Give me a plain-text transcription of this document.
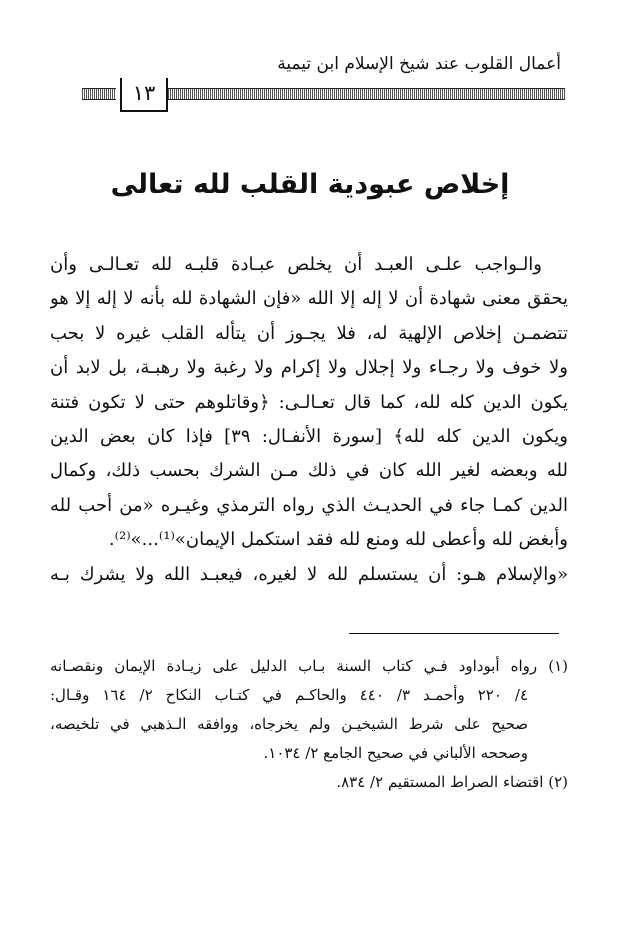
أعمال القلوب عند شيخ الإسلام ابن تيمية
١٣
إخلاص عبودية القلب لله تعالى
والـواجب علـى العبـد أن يخلص عبـادة قلبـه لله تعـالـى وأن
يحقق معنى شهادة أن لا إله إلا الله «فإن الشهادة لله بأنه لا إله إلا هو
تتضمـن إخلاص الإلهية له، فلا يجـوز أن يتأله القلب غيره لا بحب
ولا خوف ولا رجـاء ولا إجلال ولا إكرام ولا رغبة ولا رهبـة، بل لابد أن
يكون الدين كله لله، كما قال تعـالـى: ﴿وقاتلوهم حتى لا تكون فتنة
ويكون الدين كله لله﴾ [سورة الأنفـال: ٣٩] فإذا كان بعض الدين
لله وبعضه لغير الله كان في ذلك مـن الشرك بحسب ذلك، وكمال
الدين كمـا جاء في الحديـث الذي رواه الترمذي وغيـره «من أحب لله
وأبغض لله وأعطى لله ومنع لله فقد استكمل الإيمان»⁽¹⁾...»⁽²⁾.
«والإسلام هـو: أن يستسلم لله لا لغيره، فيعبـد الله ولا يشرك بـه
(١) رواه أبوداود فـي كتاب السنة بـاب الدليل على زيـادة الإيمان ونقصـانه
٤/ ٢٢٠ وأحمـد ٣/ ٤٤٠ والحاكـم في كتـاب النكاح ٢/ ١٦٤ وقـال:
صحيح على شرط الشيخيـن ولم يخرجاه، ووافقه الـذهبي في تلخيصه،
وصححه الألباني في صحيح الجامع ٢/ ١٠٣٤.
(٢) اقتضاء الصراط المستقيم ٢/ ٨٣٤.
